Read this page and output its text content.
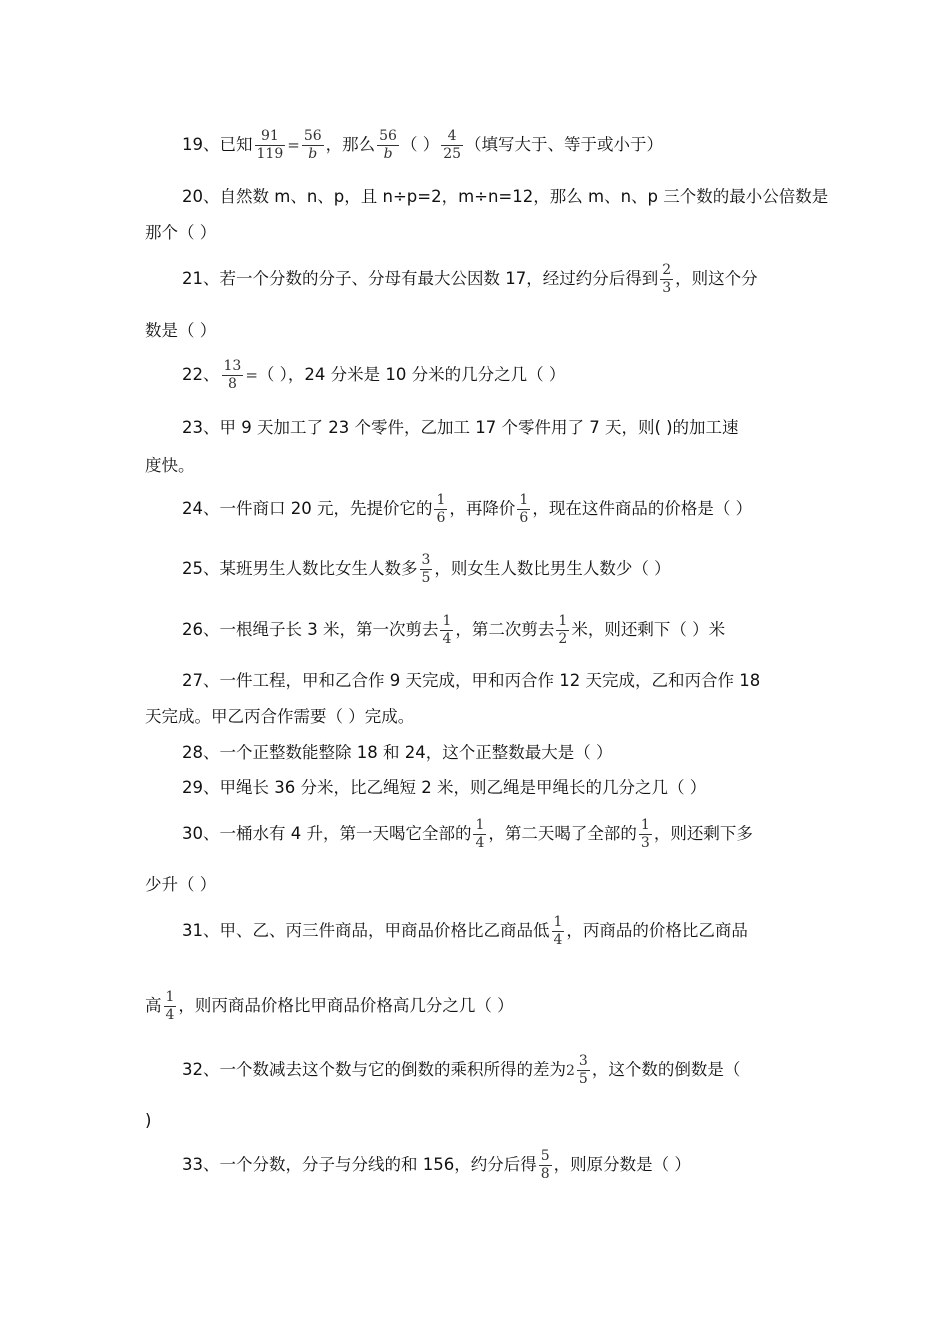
19、已知 $\frac{91}{119} = \frac{56}{b}$ ，那么 $\frac{56}{b}$ （ ） $\frac{4}{25}$ （填写大于、等于或小于）
20、自然数 m、n、p，且 n÷p=2，m÷n=12，那么 m、n、p 三个数的最小公倍数是
那个（ ）
21、若一个分数的分子、分母有最大公因数 17，经过约分后得到 $\frac{2}{3}$ ，则这个分
数是（ ）
22、 $\frac{13}{8}$ =（ ），24 分米是 10 分米的几分之几（ ）
23、甲 9 天加工了 23 个零件，乙加工 17 个零件用了 7 天，则( )的加工速
度快。
24、一件商口 20 元，先提价它的 $\frac{1}{6}$ ，再降价 $\frac{1}{6}$ ，现在这件商品的价格是（ ）
25、某班男生人数比女生人数多 $\frac{3}{5}$ ，则女生人数比男生人数少（ ）
26、一根绳子长 3 米，第一次剪去 $\frac{1}{4}$ ，第二次剪去 $\frac{1}{2}$ 米，则还剩下（ ）米
27、一件工程，甲和乙合作 9 天完成，甲和丙合作 12 天完成，乙和丙合作 18
天完成。甲乙丙合作需要（ ）完成。
28、一个正整数能整除 18 和 24，这个正整数最大是（ ）
29、甲绳长 36 分米，比乙绳短 2 米，则乙绳是甲绳长的几分之几（ ）
30、一桶水有 4 升，第一天喝它全部的 $\frac{1}{4}$ ，第二天喝了全部的 $\frac{1}{3}$ ，则还剩下多
少升（ ）
31、甲、乙、丙三件商品，甲商品价格比乙商品低 $\frac{1}{4}$ ，丙商品的价格比乙商品
高 $\frac{1}{4}$ ，则丙商品价格比甲商品价格高几分之几（ ）
32、一个数减去这个数与它的倒数的乘积所得的差为$2 \frac{3}{5}$ ，这个数的倒数是（
)
33、一个分数，分子与分线的和 156，约分后得 $\frac{5}{8}$ ，则原分数是（ ）
